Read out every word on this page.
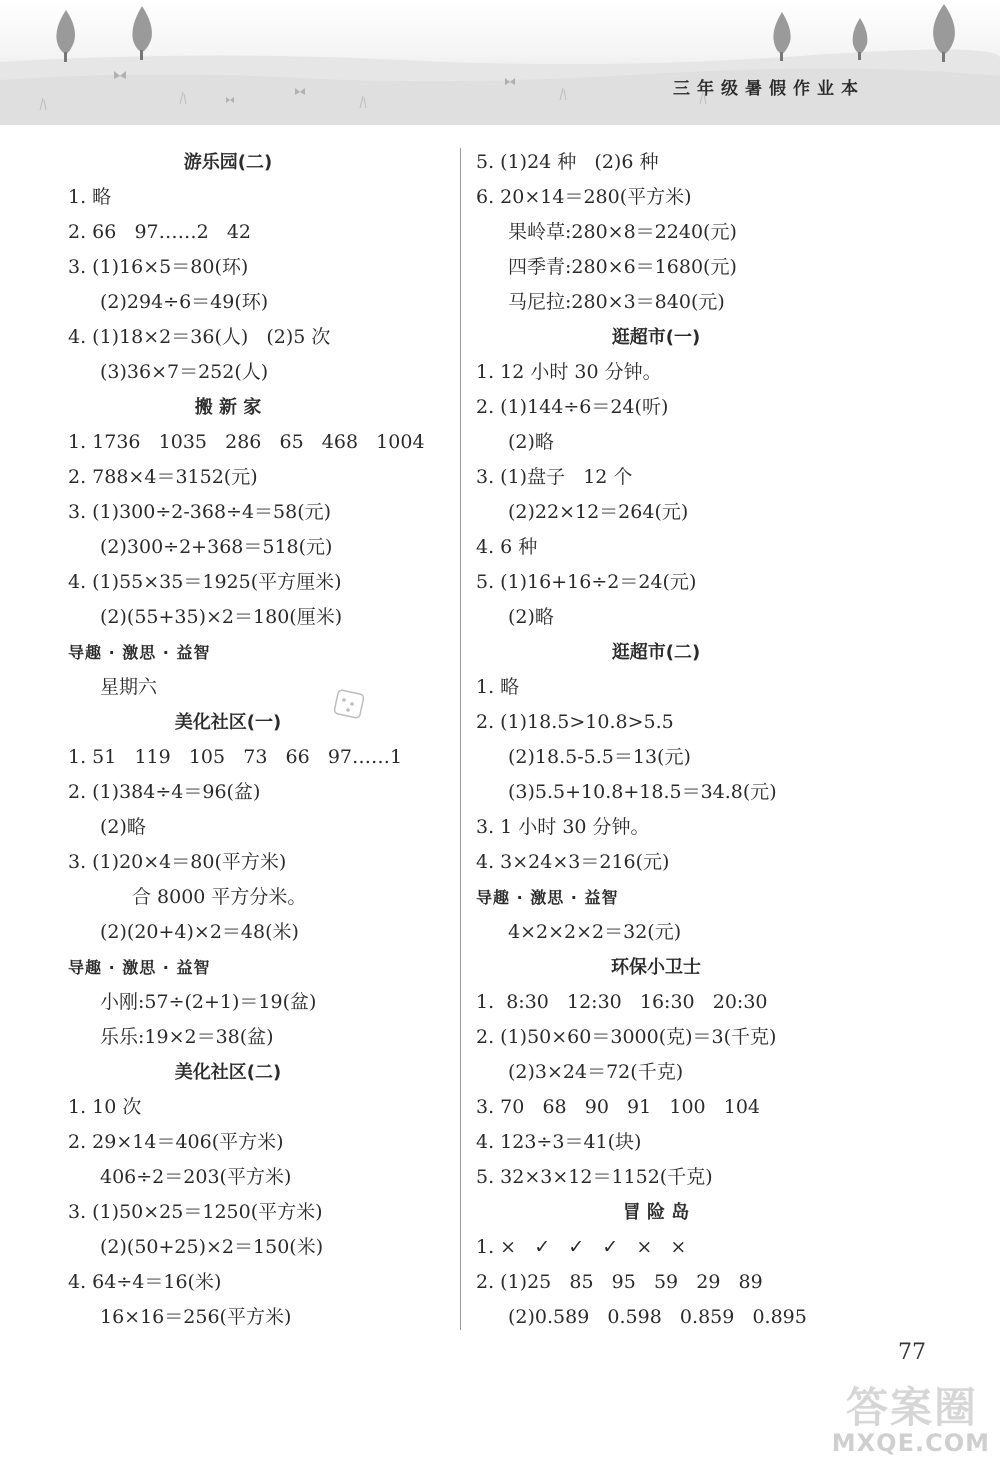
三年级暑假作业本
游乐园(二)
1. 略
2. 66   97……2   42
3. (1)16×5＝80(环)
(2)294÷6＝49(环)
4. (1)18×2＝36(人)   (2)5 次
(3)36×7＝252(人)
搬 新 家
1. 1736   1035   286   65   468   1004
2. 788×4＝3152(元)
3. (1)300÷2-368÷4＝58(元)
(2)300÷2+368＝518(元)
4. (1)55×35＝1925(平方厘米)
(2)(55+35)×2＝180(厘米)
导趣 · 激思 · 益智
星期六
美化社区(一)
1. 51   119   105   73   66   97……1
2. (1)384÷4＝96(盆)
(2)略
3. (1)20×4＝80(平方米)
合 8000 平方分米。
(2)(20+4)×2＝48(米)
导趣 · 激思 · 益智
小刚:57÷(2+1)＝19(盆)
乐乐:19×2＝38(盆)
美化社区(二)
1. 10 次
2. 29×14＝406(平方米)
406÷2＝203(平方米)
3. (1)50×25＝1250(平方米)
(2)(50+25)×2＝150(米)
4. 64÷4＝16(米)
16×16＝256(平方米)
5. (1)24 种   (2)6 种
6. 20×14＝280(平方米)
果岭草:280×8＝2240(元)
四季青:280×6＝1680(元)
马尼拉:280×3＝840(元)
逛超市(一)
1. 12 小时 30 分钟。
2. (1)144÷6＝24(听)
(2)略
3. (1)盘子   12 个
(2)22×12＝264(元)
4. 6 种
5. (1)16+16÷2＝24(元)
(2)略
逛超市(二)
1. 略
2. (1)18.5>10.8>5.5
(2)18.5-5.5＝13(元)
(3)5.5+10.8+18.5＝34.8(元)
3. 1 小时 30 分钟。
4. 3×24×3＝216(元)
导趣 · 激思 · 益智
4×2×2×2＝32(元)
环保小卫士
1.  8:30   12:30   16:30   20:30
2. (1)50×60＝3000(克)＝3(千克)
(2)3×24＝72(千克)
3. 70   68   90   91   100   104
4. 123÷3＝41(块)
5. 32×3×12＝1152(千克)
冒 险 岛
1. ×   ✓   ✓   ✓   ×   ×
2. (1)25   85   95   59   29   89
(2)0.589   0.598   0.859   0.895
77
答案圈
MXQE.COM
